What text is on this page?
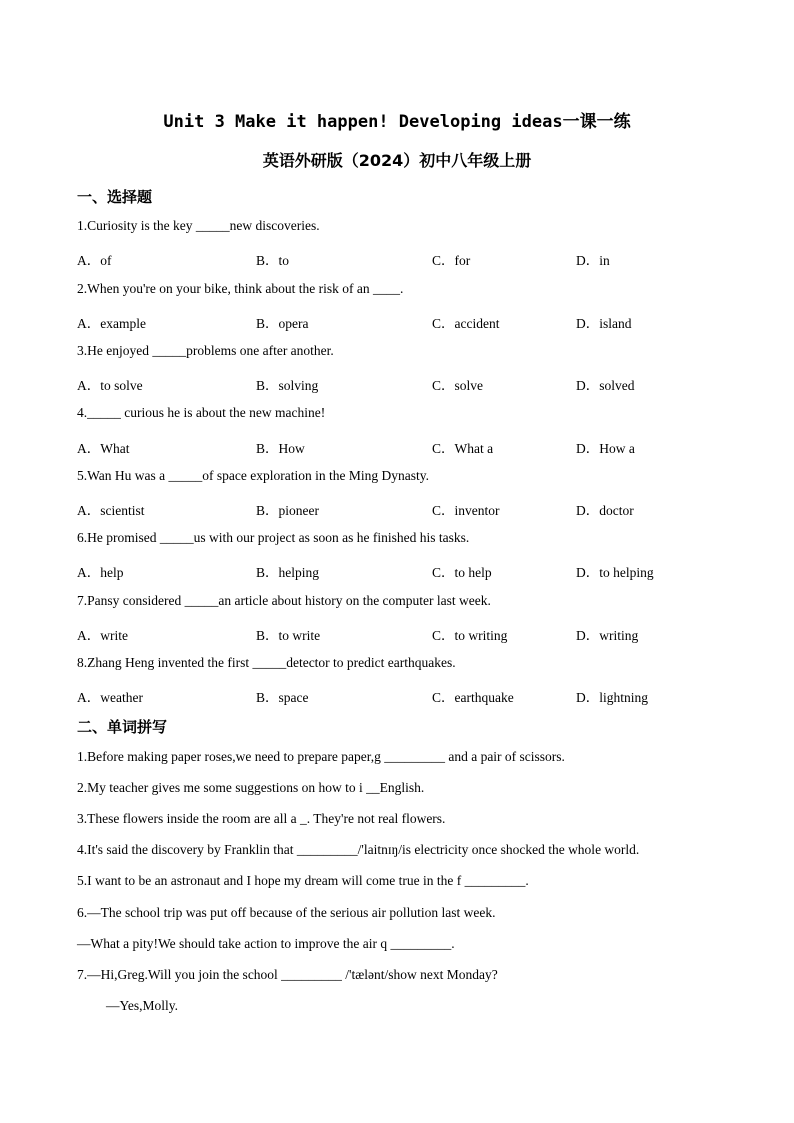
Unit 3 Make it happen! Developing ideas一课一练
英语外研版（2024）初中八年级上册
一、选择题
1.Curiosity is the key _____new discoveries.
A．of	B．to	C．for	D．in
2.When you're on your bike, think about the risk of an ____.
A．example	B．opera	C．accident	D．island
3.He enjoyed _____problems one after another.
A．to solve	B．solving	C．solve	D．solved
4._____ curious he is about the new machine!
A．What	B．How	C．What a	D．How a
5.Wan Hu was a _____of space exploration in the Ming Dynasty.
A．scientist	B．pioneer	C．inventor	D．doctor
6.He promised _____us with our project as soon as he finished his tasks.
A．help	B．helping	C．to help	D．to helping
7.Pansy considered _____an article about history on the computer last week.
A．write	B．to write	C．to writing	D．writing
8.Zhang Heng invented the first _____detector to predict earthquakes.
A．weather	B．space	C．earthquake	D．lightning
二、单词拼写
1.Before making paper roses,we need to prepare paper,g _________ and a pair of scissors.
2.My teacher gives me some suggestions on how to i __English.
3.These flowers inside the room are all a _. They're not real flowers.
4.It's said the discovery by Franklin that _________/'laitnɪŋ/is electricity once shocked the whole world.
5.I want to be an astronaut and I hope my dream will come true in the f _________.
6.—The school trip was put off because of the serious air pollution last week.
—What a pity!We should take action to improve the air q _________.
7.—Hi,Greg.Will you join the school _________ /'tælənt/show next Monday?
—Yes,Molly.
